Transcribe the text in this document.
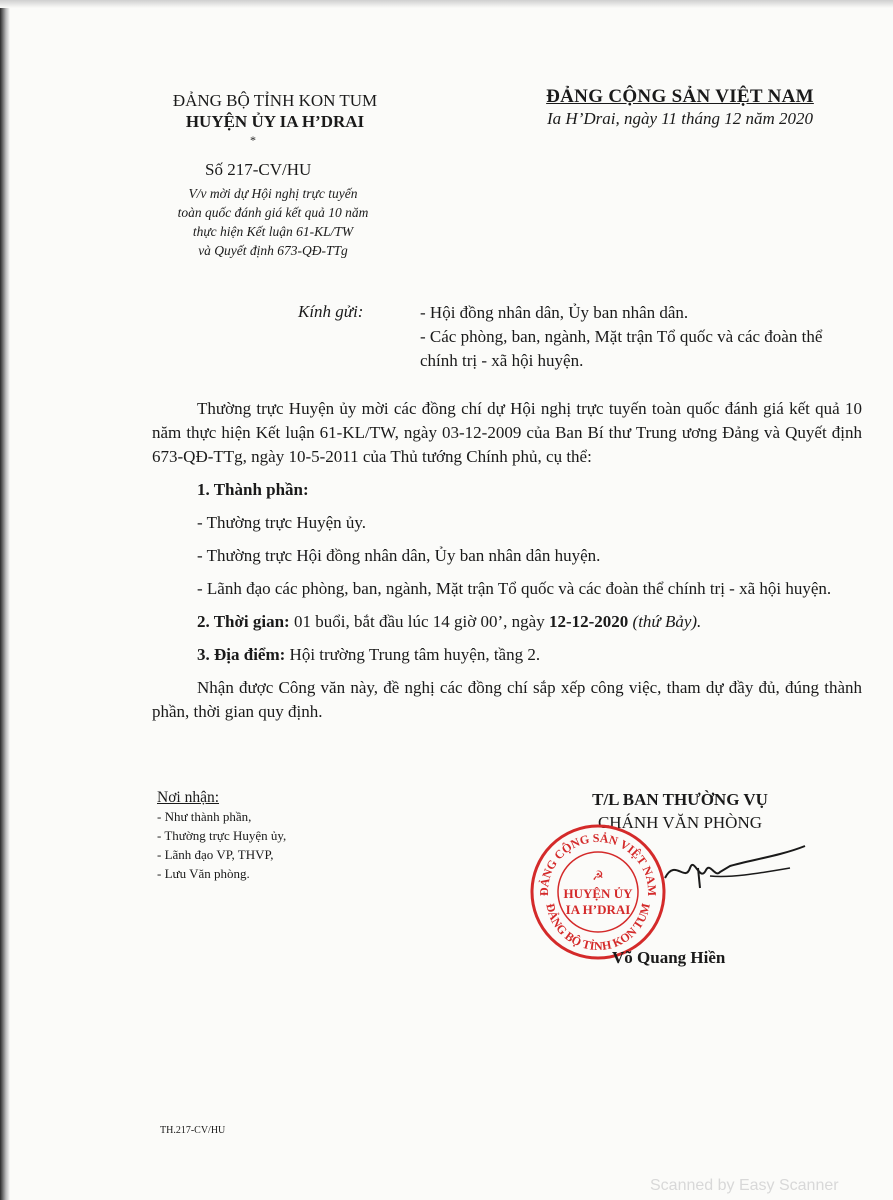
ĐẢNG BỘ TỈNH KON TUM
HUYỆN ỦY IA H’DRAI
*
ĐẢNG CỘNG SẢN VIỆT NAM
Ia H’Drai, ngày 11 tháng 12 năm 2020
Số 217-CV/HU
V/v mời dự Hội nghị trực tuyến
toàn quốc đánh giá kết quả 10 năm
thực hiện Kết luận 61-KL/TW
và Quyết định 673-QĐ-TTg
Kính gửi:	- Hội đồng nhân dân, Ủy ban nhân dân.
- Các phòng, ban, ngành, Mặt trận Tổ quốc và các đoàn thể chính trị - xã hội huyện.

Thường trực Huyện ủy mời các đồng chí dự Hội nghị trực tuyến toàn quốc đánh giá kết quả 10 năm thực hiện Kết luận 61-KL/TW, ngày 03-12-2009 của Ban Bí thư Trung ương Đảng và Quyết định 673-QĐ-TTg, ngày 10-5-2011 của Thủ tướng Chính phủ, cụ thể:

1. Thành phần:

- Thường trực Huyện ủy.

- Thường trực Hội đồng nhân dân, Ủy ban nhân dân huyện.

- Lãnh đạo các phòng, ban, ngành, Mặt trận Tổ quốc và các đoàn thể chính trị - xã hội huyện.

2. Thời gian: 01 buổi, bắt đầu lúc 14 giờ 00’, ngày 12-12-2020 (thứ Bảy).

3. Địa điểm: Hội trường Trung tâm huyện, tầng 2.

Nhận được Công văn này, đề nghị các đồng chí sắp xếp công việc, tham dự đầy đủ, đúng thành phần, thời gian quy định.

Nơi nhận:
- Như thành phần,
- Thường trực Huyện ủy,
- Lãnh đạo VP, THVP,
- Lưu Văn phòng.
T/L BAN THƯỜNG VỤ
CHÁNH VĂN PHÒNG
ĐẢNG CỘNG SẢN VIỆT NAM
ĐẢNG BỘ TỈNH KON TUM
☭
HUYỆN ỦY
IA H’DRAI
Võ Quang Hiền
TH.217-CV/HU
Scanned by Easy Scanner
